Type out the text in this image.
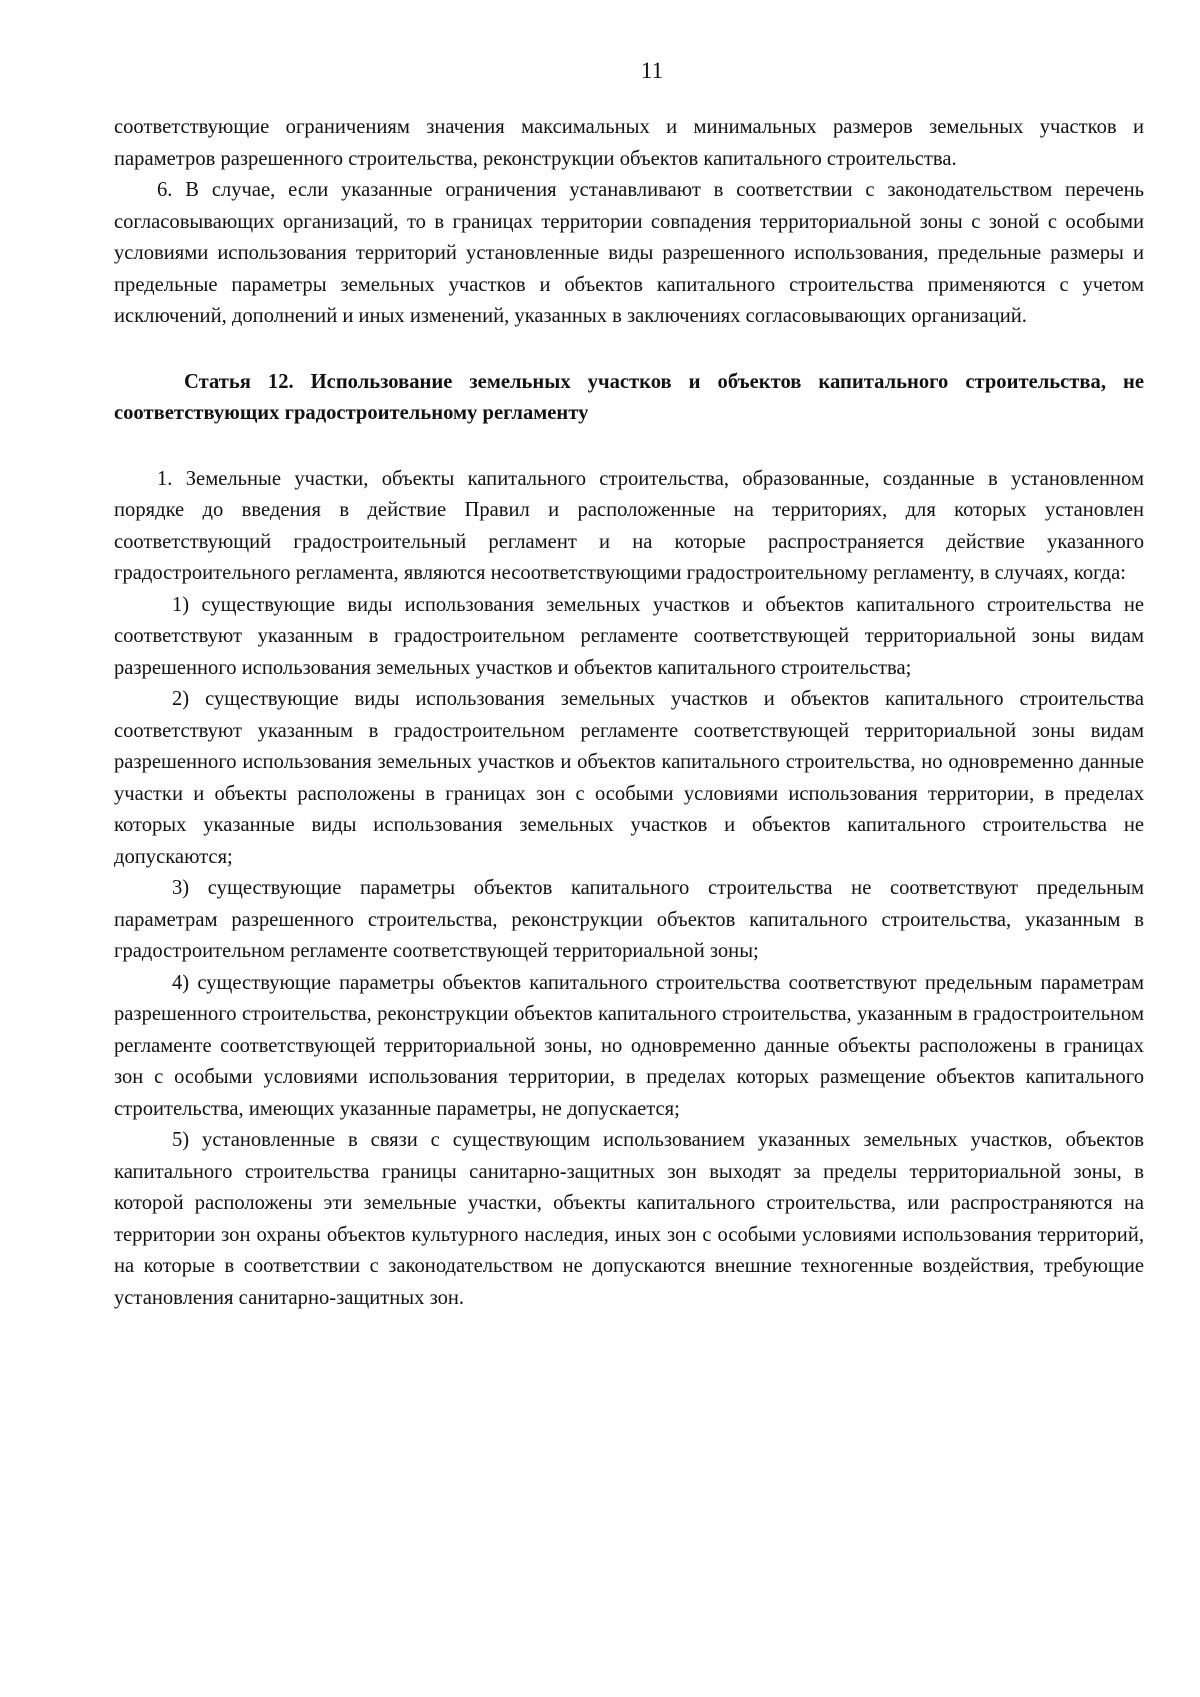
11

соответствующие ограничениям значения максимальных и минимальных размеров земельных участков и параметров разрешенного строительства, реконструкции объектов капитального строительства.

6. В случае, если указанные ограничения устанавливают в соответствии с законодательством перечень согласовывающих организаций, то в границах территории совпадения территориальной зоны с зоной с особыми условиями использования территорий установленные виды разрешенного использования, предельные размеры и предельные параметры земельных участков и объектов капитального строительства применяются с учетом исключений, дополнений и иных изменений, указанных в заключениях согласовывающих организаций.

Статья 12. Использование земельных участков и объектов капитального строительства, не соответствующих градостроительному регламенту

1. Земельные участки, объекты капитального строительства, образованные, созданные в установленном порядке до введения в действие Правил и расположенные на территориях, для которых установлен соответствующий градостроительный регламент и на которые распространяется действие указанного градостроительного регламента, являются несоответствующими градостроительному регламенту, в случаях, когда:

1) существующие виды использования земельных участков и объектов капитального строительства не соответствуют указанным в градостроительном регламенте соответствующей территориальной зоны видам разрешенного использования земельных участков и объектов капитального строительства;

2) существующие виды использования земельных участков и объектов капитального строительства соответствуют указанным в градостроительном регламенте соответствующей территориальной зоны видам разрешенного использования земельных участков и объектов капитального строительства, но одновременно данные участки и объекты расположены в границах зон с особыми условиями использования территории, в пределах которых указанные виды использования земельных участков и объектов капитального строительства не допускаются;

3) существующие параметры объектов капитального строительства не соответствуют предельным параметрам разрешенного строительства, реконструкции объектов капитального строительства, указанным в градостроительном регламенте соответствующей территориальной зоны;

4) существующие параметры объектов капитального строительства соответствуют предельным параметрам разрешенного строительства, реконструкции объектов капитального строительства, указанным в градостроительном регламенте соответствующей территориальной зоны, но одновременно данные объекты расположены в границах зон с особыми условиями использования территории, в пределах которых размещение объектов капитального строительства, имеющих указанные параметры, не допускается;

5) установленные в связи с существующим использованием указанных земельных участков, объектов капитального строительства границы санитарно-защитных зон выходят за пределы территориальной зоны, в которой расположены эти земельные участки, объекты капитального строительства, или распространяются на территории зон охраны объектов культурного наследия, иных зон с особыми условиями использования территорий, на которые в соответствии с законодательством не допускаются внешние техногенные воздействия, требующие установления санитарно-защитных зон.
